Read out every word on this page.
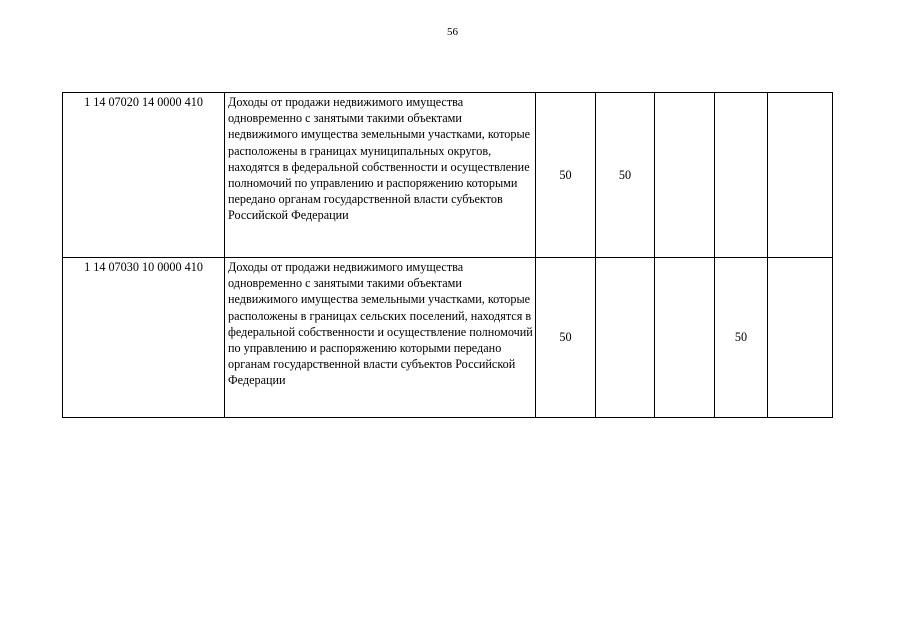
56
1 14 07020 14 0000 410	Доходы от продажи недвижимого имущества одновременно с занятыми такими объектами недвижимого имущества земельными участками, которые расположены в границах муниципальных округов, находятся в федеральной собственности и осуществление полномочий по управлению и распоряжению которыми передано органам государственной власти субъектов Российской Федерации	50	50			
1 14 07030 10 0000 410	Доходы от продажи недвижимого имущества одновременно с занятыми такими объектами недвижимого имущества земельными участками, которые расположены в границах сельских поселений, находятся в федеральной собственности и осуществление полномочий по управлению и распоряжению которыми передано органам государственной власти субъектов Российской Федерации	50			50	
